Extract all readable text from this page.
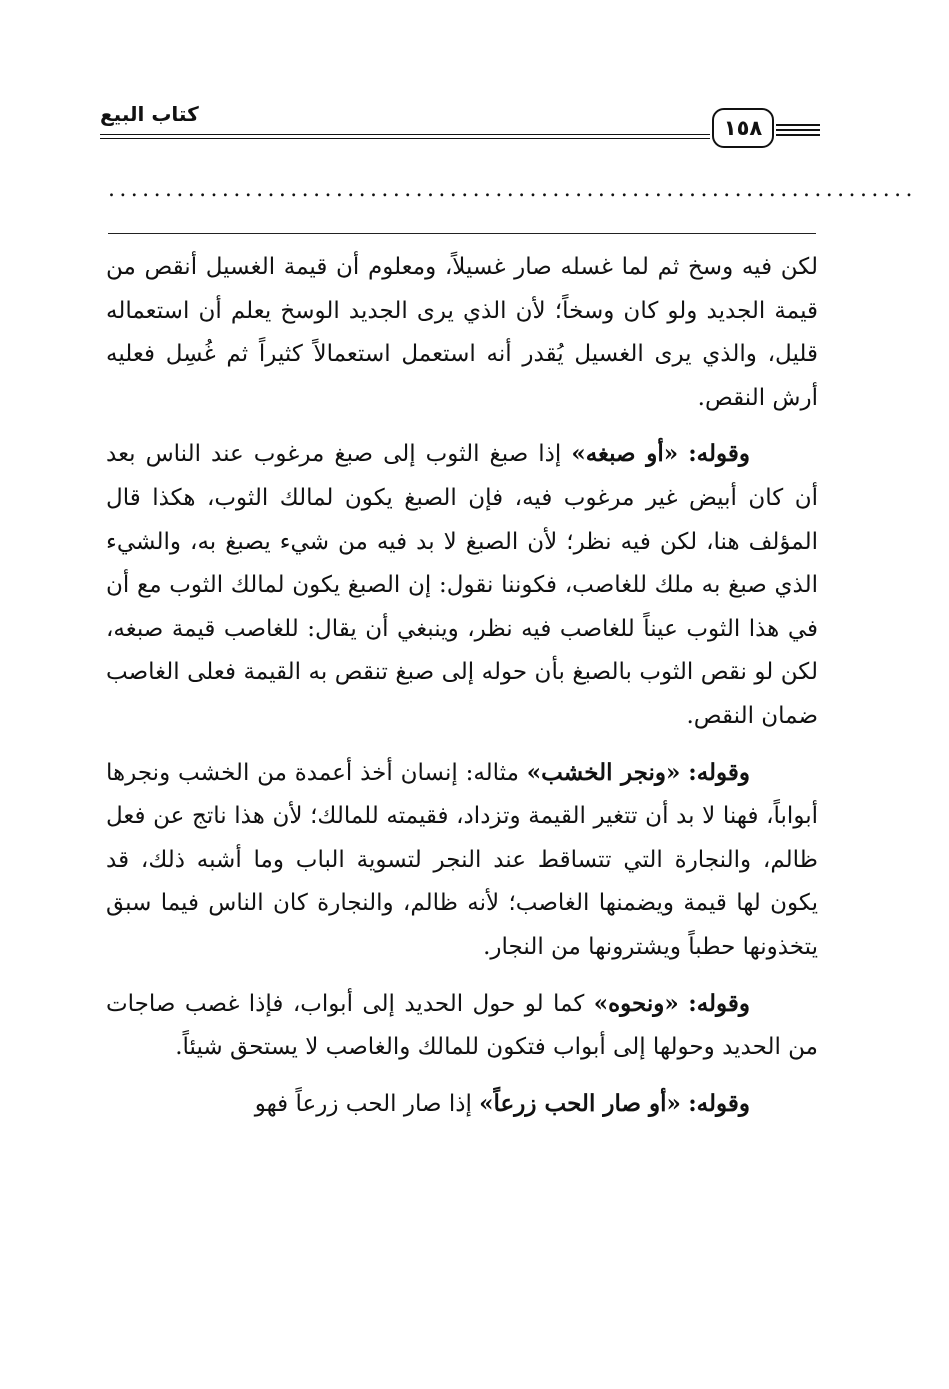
كتاب البيع
١٥٨
.......................................................................

لكن فيه وسخ ثم لما غسله صار غسيلاً، ومعلوم أن قيمة الغسيل أنقص من قيمة الجديد ولو كان وسخاً؛ لأن الذي يرى الجديد الوسخ يعلم أن استعماله قليل، والذي يرى الغسيل يُقدر أنه استعمل استعمالاً كثيراً ثم غُسِل فعليه أرش النقص.

وقوله: «أو صبغه» إذا صبغ الثوب إلى صبغ مرغوب عند الناس بعد أن كان أبيض غير مرغوب فيه، فإن الصبغ يكون لمالك الثوب، هكذا قال المؤلف هنا، لكن فيه نظر؛ لأن الصبغ لا بد فيه من شيء يصبغ به، والشيء الذي صبغ به ملك للغاصب، فكوننا نقول: إن الصبغ يكون لمالك الثوب مع أن في هذا الثوب عيناً للغاصب فيه نظر، وينبغي أن يقال: للغاصب قيمة صبغه، لكن لو نقص الثوب بالصبغ بأن حوله إلى صبغ تنقص به القيمة فعلى الغاصب ضمان النقص.

وقوله: «ونجر الخشب» مثاله: إنسان أخذ أعمدة من الخشب ونجرها أبواباً، فهنا لا بد أن تتغير القيمة وتزداد، فقيمته للمالك؛ لأن هذا ناتج عن فعل ظالم، والنجارة التي تتساقط عند النجر لتسوية الباب وما أشبه ذلك، قد يكون لها قيمة ويضمنها الغاصب؛ لأنه ظالم، والنجارة كان الناس فيما سبق يتخذونها حطباً ويشترونها من النجار.

وقوله: «ونحوه» كما لو حول الحديد إلى أبواب، فإذا غصب صاجات من الحديد وحولها إلى أبواب فتكون للمالك والغاصب لا يستحق شيئاً.

وقوله: «أو صار الحب زرعاً» إذا صار الحب زرعاً فهو
